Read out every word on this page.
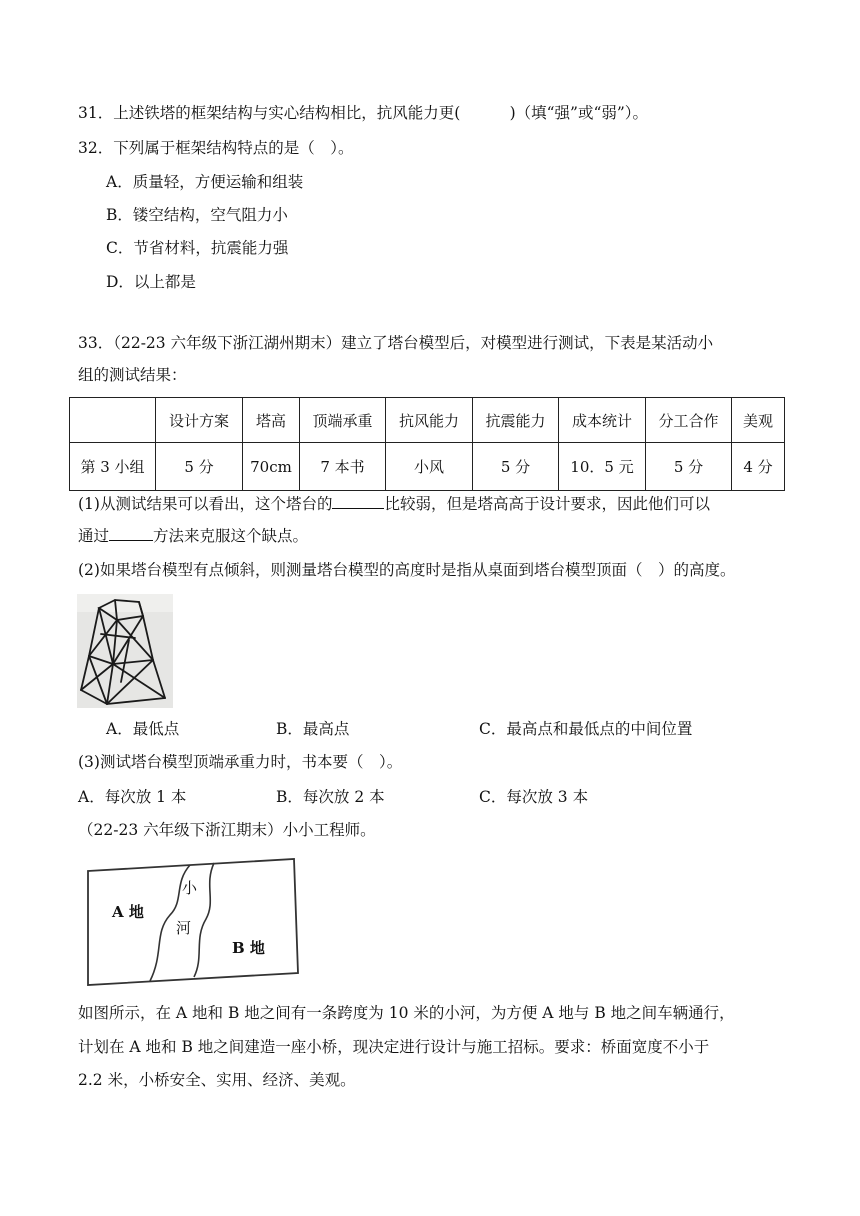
31．上述铁塔的框架结构与实心结构相比，抗风能力更(	)（填“强”或“弱”）。
32．下列属于框架结构特点的是（　）。
A．质量轻，方便运输和组装
B．镂空结构，空气阻力小
C．节省材料，抗震能力强
D．以上都是
33．（22-23 六年级下浙江湖州期末）建立了塔台模型后，对模型进行测试，下表是某活动小
组的测试结果：
	设计方案	塔高	顶端承重	抗风能力	抗震能力	成本统计	分工合作	美观
第 3 小组	5 分	70cm	7 本书	小风	5 分	10．5 元	5 分	4 分
(1)从测试结果可以看出，这个塔台的	比较弱，但是塔高高于设计要求，因此他们可以
通过	方法来克服这个缺点。
(2)如果塔台模型有点倾斜，则测量塔台模型的高度时是指从桌面到塔台模型顶面（　）的高度。
A．最低点	B．最高点	C．最高点和最低点的中间位置
(3)测试塔台模型顶端承重力时，书本要（　）。
A．每次放 1 本	B．每次放 2 本	C．每次放 3 本
（22-23 六年级下浙江期末）小小工程师。
A 地
小
河
B 地
如图所示，在 A 地和 B 地之间有一条跨度为 10 米的小河，为方便 A 地与 B 地之间车辆通行，
计划在 A 地和 B 地之间建造一座小桥，现决定进行设计与施工招标。要求：桥面宽度不小于
2.2 米，小桥安全、实用、经济、美观。
